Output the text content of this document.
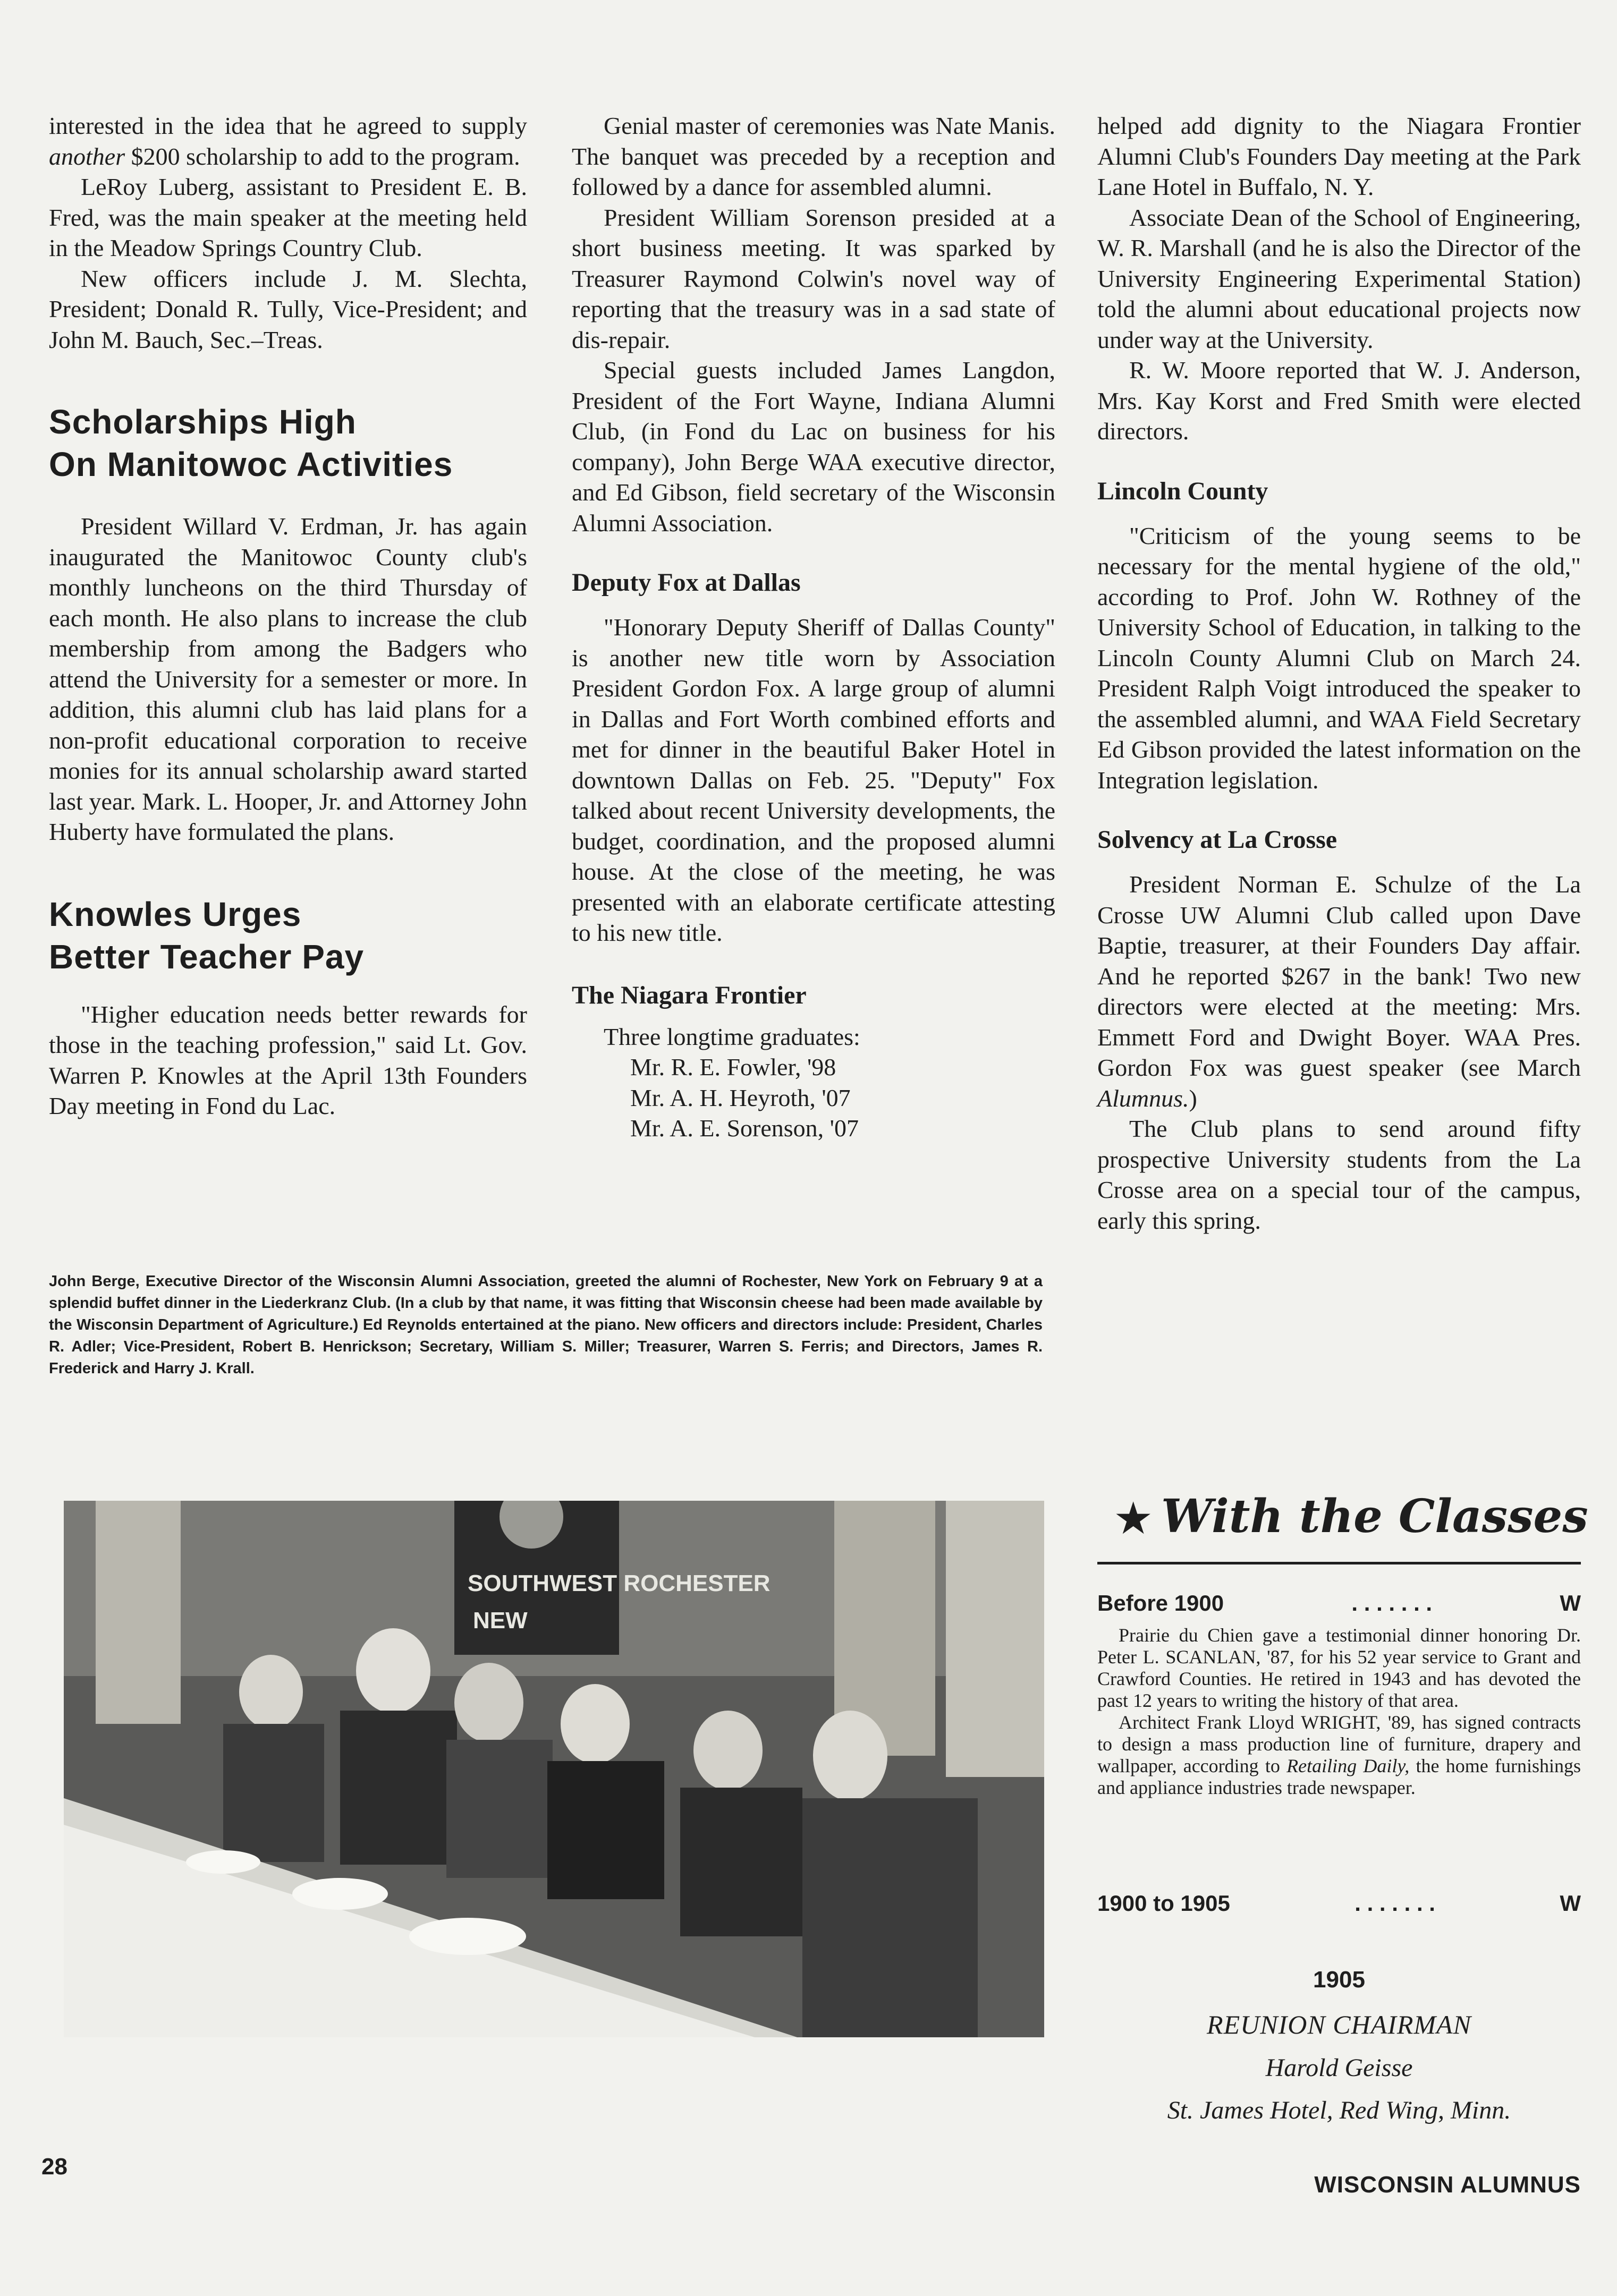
interested in the idea that he agreed to supply another $200 scholarship to add to the program.

LeRoy Luberg, assistant to President E. B. Fred, was the main speaker at the meeting held in the Meadow Springs Country Club.

New officers include J. M. Slechta, President; Donald R. Tully, Vice-President; and John M. Bauch, Sec.–Treas.

Scholarships High
On Manitowoc Activities

President Willard V. Erdman, Jr. has again inaugurated the Manitowoc County club's monthly luncheons on the third Thursday of each month. He also plans to increase the club membership from among the Badgers who attend the University for a semester or more. In addition, this alumni club has laid plans for a non-profit educational corporation to receive monies for its annual scholarship award started last year. Mark. L. Hooper, Jr. and Attorney John Huberty have formulated the plans.

Knowles Urges
Better Teacher Pay

"Higher education needs better rewards for those in the teaching profession," said Lt. Gov. Warren P. Knowles at the April 13th Founders Day meeting in Fond du Lac.

Genial master of ceremonies was Nate Manis. The banquet was preceded by a reception and followed by a dance for assembled alumni.

President William Sorenson presided at a short business meeting. It was sparked by Treasurer Raymond Colwin's novel way of reporting that the treasury was in a sad state of dis-repair.

Special guests included James Langdon, President of the Fort Wayne, Indiana Alumni Club, (in Fond du Lac on business for his company), John Berge WAA executive director, and Ed Gibson, field secretary of the Wisconsin Alumni Association.

Deputy Fox at Dallas

"Honorary Deputy Sheriff of Dallas County" is another new title worn by Association President Gordon Fox. A large group of alumni in Dallas and Fort Worth combined efforts and met for dinner in the beautiful Baker Hotel in downtown Dallas on Feb. 25. "Deputy" Fox talked about recent University developments, the budget, coordination, and the proposed alumni house. At the close of the meeting, he was presented with an elaborate certificate attesting to his new title.

The Niagara Frontier

Three longtime graduates:

Mr. R. E. Fowler, '98
Mr. A. H. Heyroth, '07
Mr. A. E. Sorenson, '07

helped add dignity to the Niagara Frontier Alumni Club's Founders Day meeting at the Park Lane Hotel in Buffalo, N. Y.

Associate Dean of the School of Engineering, W. R. Marshall (and he is also the Director of the University Engineering Experimental Station) told the alumni about educational projects now under way at the University.

R. W. Moore reported that W. J. Anderson, Mrs. Kay Korst and Fred Smith were elected directors.

Lincoln County

"Criticism of the young seems to be necessary for the mental hygiene of the old," according to Prof. John W. Rothney of the University School of Education, in talking to the Lincoln County Alumni Club on March 24. President Ralph Voigt introduced the speaker to the assembled alumni, and WAA Field Secretary Ed Gibson provided the latest information on the Integration legislation.

Solvency at La Crosse

President Norman E. Schulze of the La Crosse UW Alumni Club called upon Dave Baptie, treasurer, at their Founders Day affair. And he reported $267 in the bank! Two new directors were elected at the meeting: Mrs. Emmett Ford and Dwight Boyer. WAA Pres. Gordon Fox was guest speaker (see March Alumnus.)

The Club plans to send around fifty prospective University students from the La Crosse area on a special tour of the campus, early this spring.

John Berge, Executive Director of the Wisconsin Alumni Association, greeted the alumni of Rochester, New York on February 9 at a splendid buffet dinner in the Liederkranz Club. (In a club by that name, it was fitting that Wisconsin cheese had been made available by the Wisconsin Department of Agriculture.) Ed Reynolds entertained at the piano. New officers and directors include: President, Charles R. Adler; Vice-President, Robert B. Henrickson; Secretary, William S. Miller; Treasurer, Warren S. Ferris; and Directors, James R. Frederick and Harry J. Krall.
SOUTHWEST ROCHESTER
NEW
★ With the Classes
Before 1900	. . . . . . .	W

Prairie du Chien gave a testimonial dinner honoring Dr. Peter L. SCANLAN, '87, for his 52 year service to Grant and Crawford Counties. He retired in 1943 and has devoted the past 12 years to writing the history of that area.

Architect Frank Lloyd WRIGHT, '89, has signed contracts to design a mass production line of furniture, drapery and wallpaper, according to Retailing Daily, the home furnishings and appliance industries trade newspaper.

1900 to 1905	. . . . . . .	W
1905
REUNION CHAIRMAN
Harold Geisse
St. James Hotel, Red Wing, Minn.
28
WISCONSIN ALUMNUS
